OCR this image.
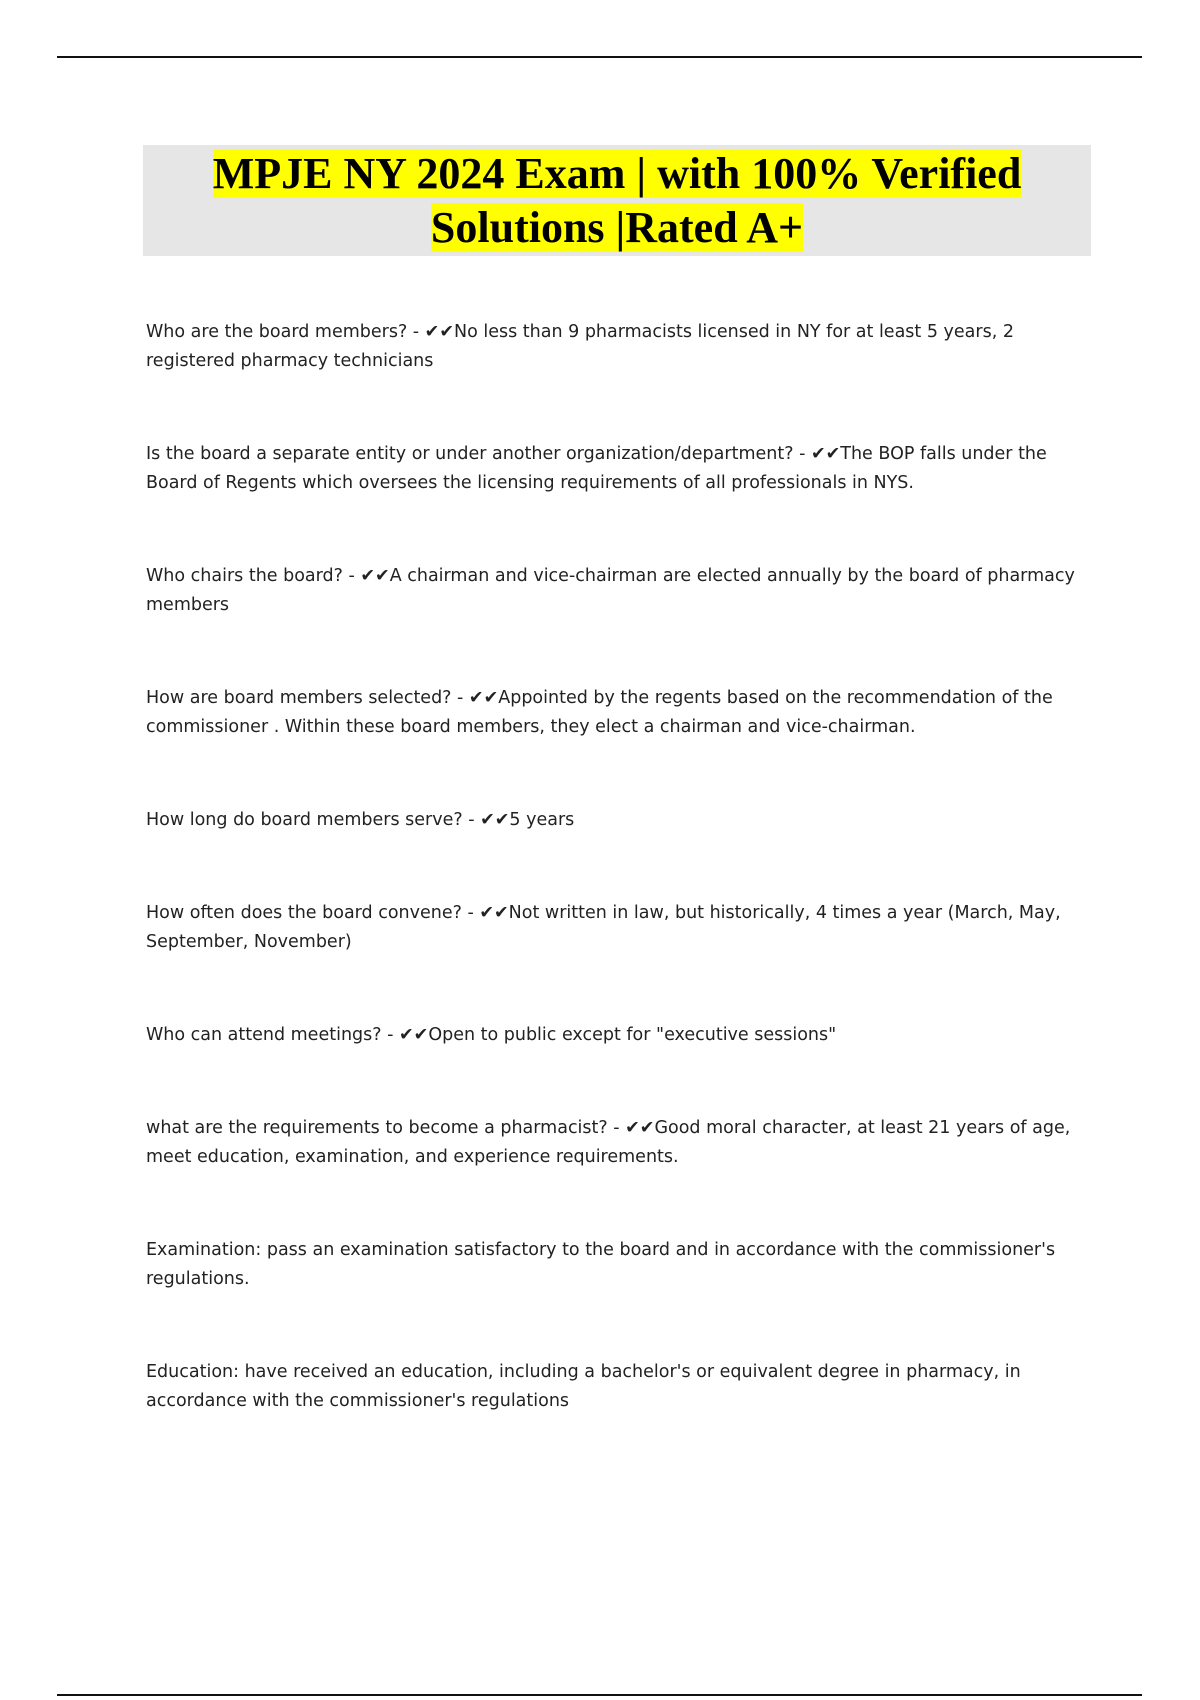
MPJE NY 2024 Exam | with 100% Verified Solutions |Rated A+

Who are the board members? - ✔✔No less than 9 pharmacists licensed in NY for at least 5 years, 2 registered pharmacy technicians

Is the board a separate entity or under another organization/department? - ✔✔The BOP falls under the Board of Regents which oversees the licensing requirements of all professionals in NYS.

Who chairs the board? - ✔✔A chairman and vice-chairman are elected annually by the board of pharmacy members

How are board members selected? - ✔✔Appointed by the regents based on the recommendation of the commissioner . Within these board members, they elect a chairman and vice-chairman.

How long do board members serve? - ✔✔5 years

How often does the board convene? - ✔✔Not written in law, but historically, 4 times a year (March, May, September, November)

Who can attend meetings? - ✔✔Open to public except for "executive sessions"

what are the requirements to become a pharmacist? - ✔✔Good moral character, at least 21 years of age, meet education, examination, and experience requirements.

Examination: pass an examination satisfactory to the board and in accordance with the commissioner's regulations.

Education: have received an education, including a bachelor's or equivalent degree in pharmacy, in accordance with the commissioner's regulations
